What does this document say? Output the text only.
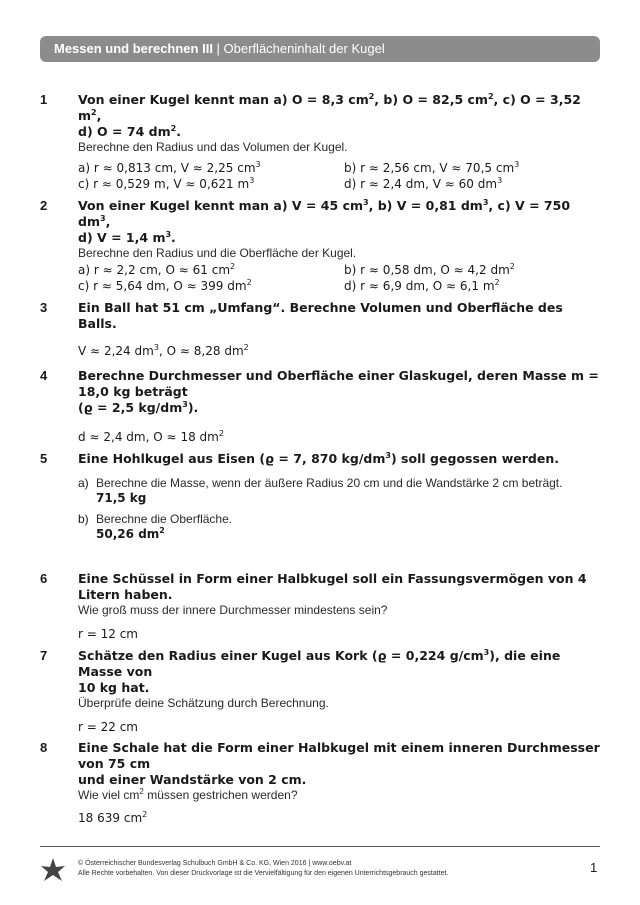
Messen und berechnen III | Oberflächeninhalt der Kugel
1 Von einer Kugel kennt man a) O = 8,3 $cm^2$, b) O = 82,5 $cm^2$, c) O = 3,52 $m^2$,
d) O = 74 $dm^2$.
Berechne den Radius und das Volumen der Kugel.
a) r ≈ 0,813 cm, V ≈ 2,25 $cm^3$	b) r ≈ 2,56 cm, V ≈ 70,5 $cm^3$
c) r ≈ 0,529 m, V ≈ 0,621 $m^3$	d) r ≈ 2,4 dm, V ≈ 60 $dm^3$
2 Von einer Kugel kennt man a) V = 45 $cm^3$, b) V = 0,81 $dm^3$, c) V = 750 $dm^3$,
d) V = 1,4 $m^3$.
Berechne den Radius und die Oberfläche der Kugel.
a) r ≈ 2,2 cm, O ≈ 61 $cm^2$	b) r ≈ 0,58 dm, O ≈ 4,2 $dm^2$
c) r ≈ 5,64 dm, O ≈ 399 $dm^2$	d) r ≈ 6,9 dm, O ≈ 6,1 $m^2$
3 Ein Ball hat 51 cm „Umfang“. Berechne Volumen und Oberfläche des Balls.
V ≈ 2,24 $dm^3$, O ≈ 8,28 $dm^2$
4 Berechne Durchmesser und Oberfläche einer Glaskugel, deren Masse m = 18,0 kg beträgt
(ϱ = 2,5 $kg/dm^3$).
d ≈ 2,4 dm, O ≈ 18 $dm^2$
5 Eine Hohlkugel aus Eisen (ϱ = 7, 870 $kg/dm^3$) soll gegossen werden.
a) Berechne die Masse, wenn der äußere Radius 20 cm und die Wandstärke 2 cm beträgt.
71,5 kg
b) Berechne die Oberfläche.
50,26 $dm^2$
6 Eine Schüssel in Form einer Halbkugel soll ein Fassungsvermögen von 4 Litern haben.
Wie groß muss der innere Durchmesser mindestens sein?
r = 12 cm
7 Schätze den Radius einer Kugel aus Kork (ϱ = 0,224 $g/cm^3$), die eine Masse von
10 kg hat.
Überprüfe deine Schätzung durch Berechnung.
r = 22 cm
8 Eine Schale hat die Form einer Halbkugel mit einem inneren Durchmesser von 75 cm
und einer Wandstärke von 2 cm.
Wie viel $cm^2$ müssen gestrichen werden?
18 639 $cm^2$
© Österreichischer Bundesverlag Schulbuch GmbH & Co. KG, Wien 2016 | www.oebv.at
Alle Rechte vorbehalten. Von dieser Druckvorlage ist die Vervielfältigung für den eigenen Unterrichtsgebrauch gestattet.	1
